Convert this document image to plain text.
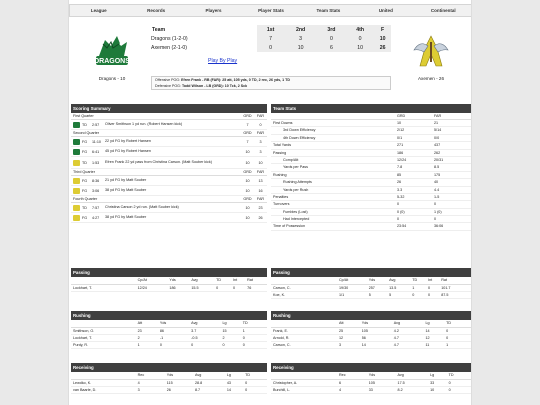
League	Records	Players	Player Stats	Team Stats	United	Continental
DRAGONS
Dragons - 10	Axemen - 26
Team	1st	2nd	3rd	4th	F
Dragons (1-2-0)	7	3	0	0	10
Axemen (2-1-0)	0	10	6	10	26
Play By Play
Offensive POG: Efren Frank - RB (FAR): 25 att, 105 yds, 0 TD, 2 rec, 26 yds, 1 TD
Defensive POG: Todd Wilson - LB (GRD): 10 Tck, 2 Sck
Scoring Summary
First Quarter	GRD	FAR
TD	2:57	Oliver Smithson 1 yd run. (Robert Hansen kick)	7	0
Second Quarter	GRD	FAR
FG	11:10	22 yd FG by Robert Hansen	7	3
FG	6:41	45 yd FG by Robert Hansen	10	3
TD	1:53	Efren Frank 22 yd pass from Christina Carson. (Matt Souber kick)	10	10
Third Quarter	GRD	FAR
FG	8:36	21 yd FG by Matt Souber	10	13
FG	3:06	38 yd FG by Matt Souber	10	16
Fourth Quarter	GRD	FAR
TD	7:57	Christina Carson 2 yd run. (Matt Souber kick)	10	23
FG	4:27	38 yd FG by Matt Souber	10	26
Team Stats
GRD	FAR
First Downs	10	21
3rd Down Efficiency	2/12	5/14
4th Down Efficiency	0/1	0/0
Total Yards	271	437
Passing	186	262
Comp/Att	12/24	20/31
Yards per Pass	7.8	8.5
Rushing	85	175
Rushing Attempts	26	40
Yards per Rush	3.3	4.4
Penalties	5-32	1-5
Turnovers	0	0
Fumbles (Lost)	0 (0)	1 (0)
Had Intercepted	0	0
Time of Possession	23:54	36:06
Passing
	Cp/At	Yds	Avg	TD	Int	Rat
Lockhart, T.	12/24	186	15.5	0	0	76
Passing
	Cp/At	Yds	Avg	TD	Int	Rat
Carson, C.	19/30	257	13.5	1	0	101.7
Koe, K.	1/1	5	5	0	0	87.5
Rushing
	Att	Yds	Avg	Lg	TD
Smithson, O.	23	86	3.7	15	1
Lockhart, T.	2	-1	-0.5	2	0
Purdy, R.	1	0	0	0	0
Rushing
	Att	Yds	Avg	Lg	TD
Frank, E.	25	105	4.2	14	0
Arnold, R.	12	56	4.7	12	0
Carson, C.	3	14	4.7	11	1
Receiving
	Rec	Yds	Avg	Lg	TD
Lewdko, K.	4	115	28.8	43	0
van Baarle, D.	3	26	8.7	14	0
Receiving
	Rec	Yds	Avg	Lg	TD
Christopher, A.	6	105	17.5	33	0
Burchill, L.	4	33	8.2	10	0
